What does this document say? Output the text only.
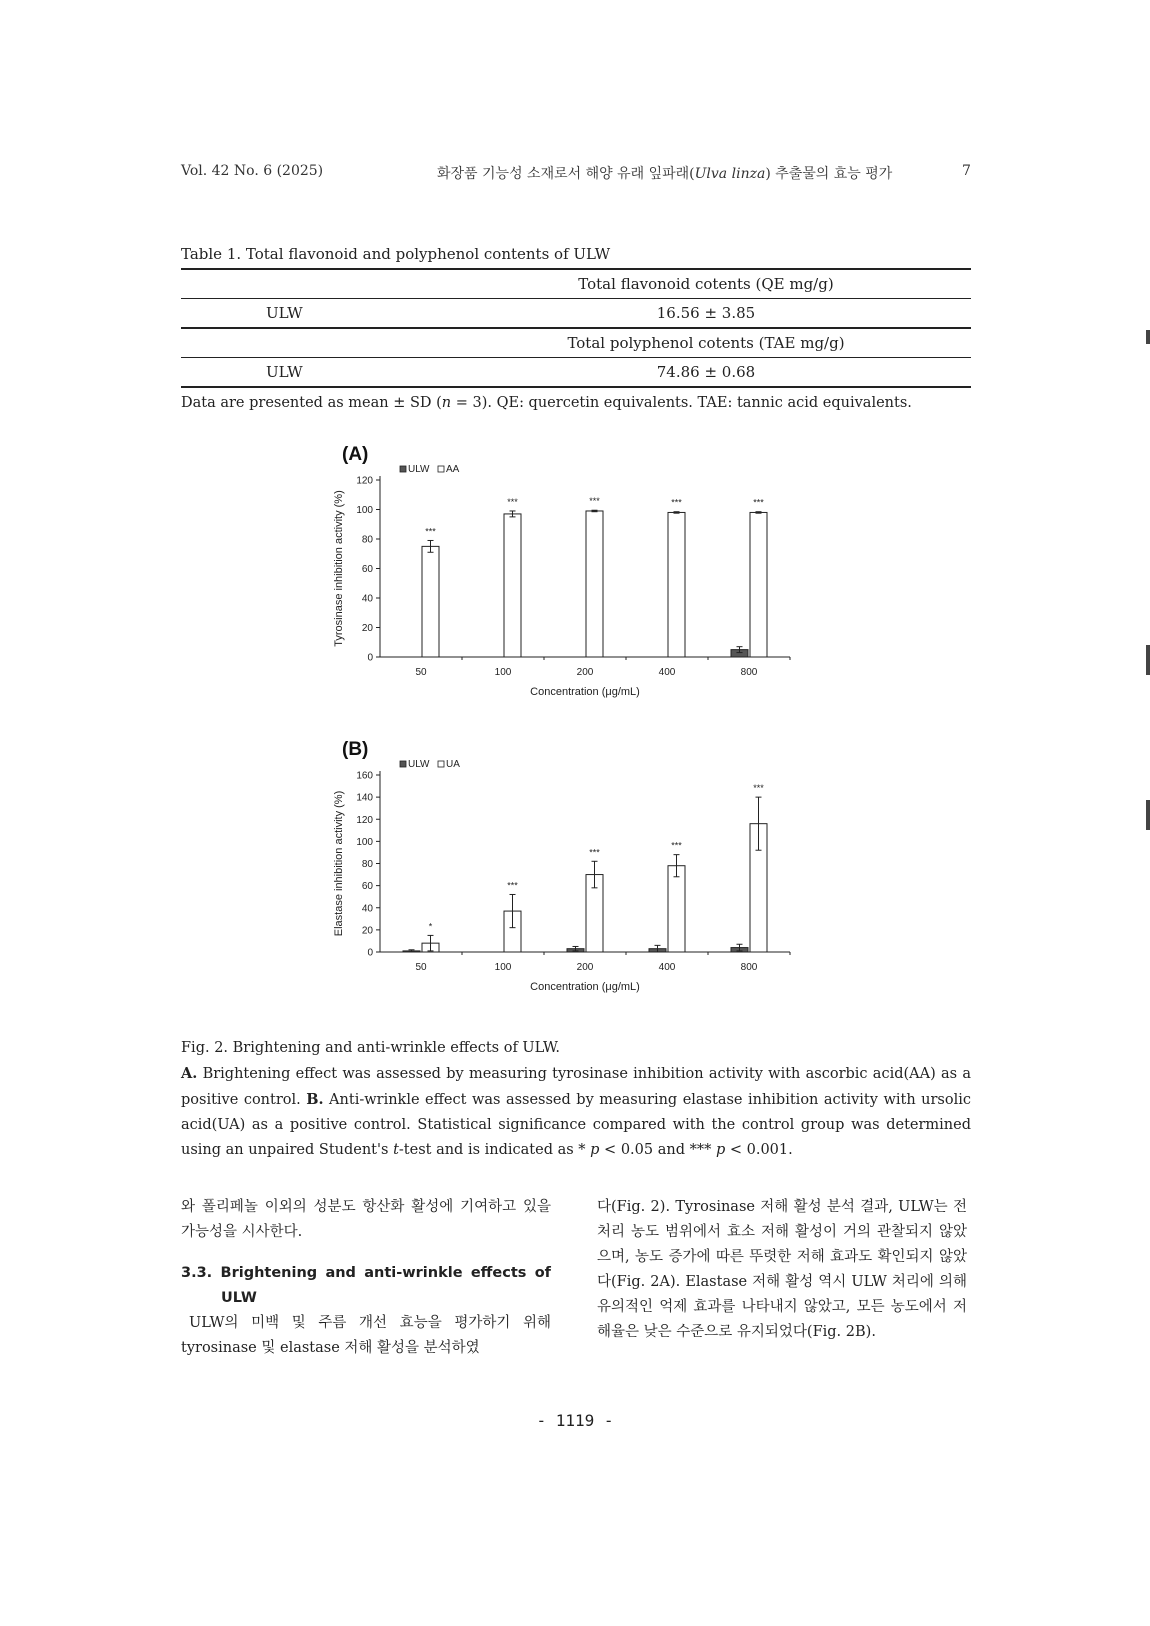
Vol. 42 No. 6 (2025)	화장품 기능성 소재로서 해양 유래 잎파래(Ulva linza) 추출물의 효능 평가	7
Table 1. Total flavonoid and polyphenol contents of ULW
	Total flavonoid cotents (QE mg/g)
ULW	16.56 ± 3.85
	Total polyphenol cotents (TAE mg/g)
ULW	74.86 ± 0.68
Data are presented as mean ± SD (n = 3). QE: quercetin equivalents. TAE: tannic acid equivalents.
(A)
0
20
40
60
80
100
120
Tyrosinase inhibition activity (%)
Concentration (μg/mL)
ULW AA
50
***
100
***
200
***
400
***
800
***
(B)
0
20
40
60
80
100
120
140
160
Elastase inhibition activity (%)
Concentration (μg/mL)
ULW UA
50
*
100
***
200
***
400
***
800
***
Fig. 2. Brightening and anti-wrinkle effects of ULW.
A. Brightening effect was assessed by measuring tyrosinase inhibition activity with ascorbic acid(AA) as a positive control. B. Anti-wrinkle effect was assessed by measuring elastase inhibition activity with ursolic acid(UA) as a positive control. Statistical significance compared with the control group was determined using an unpaired Student's t-test and is indicated as * p < 0.05 and *** p < 0.001.
와 폴리페놀 이외의 성분도 항산화 활성에 기여하고 있을 가능성을 시사한다.
3.3. Brightening and anti-wrinkle effects of ULW
ULW의 미백 및 주름 개선 효능을 평가하기 위해 tyrosinase 및 elastase 저해 활성을 분석하였
다(Fig. 2). Tyrosinase 저해 활성 분석 결과, ULW는 전 처리 농도 범위에서 효소 저해 활성이 거의 관찰되지 않았으며, 농도 증가에 따른 뚜렷한 저해 효과도 확인되지 않았다(Fig. 2A). Elastase 저해 활성 역시 ULW 처리에 의해 유의적인 억제 효과를 나타내지 않았고, 모든 농도에서 저해율은 낮은 수준으로 유지되었다(Fig. 2B).
- 1119 -
